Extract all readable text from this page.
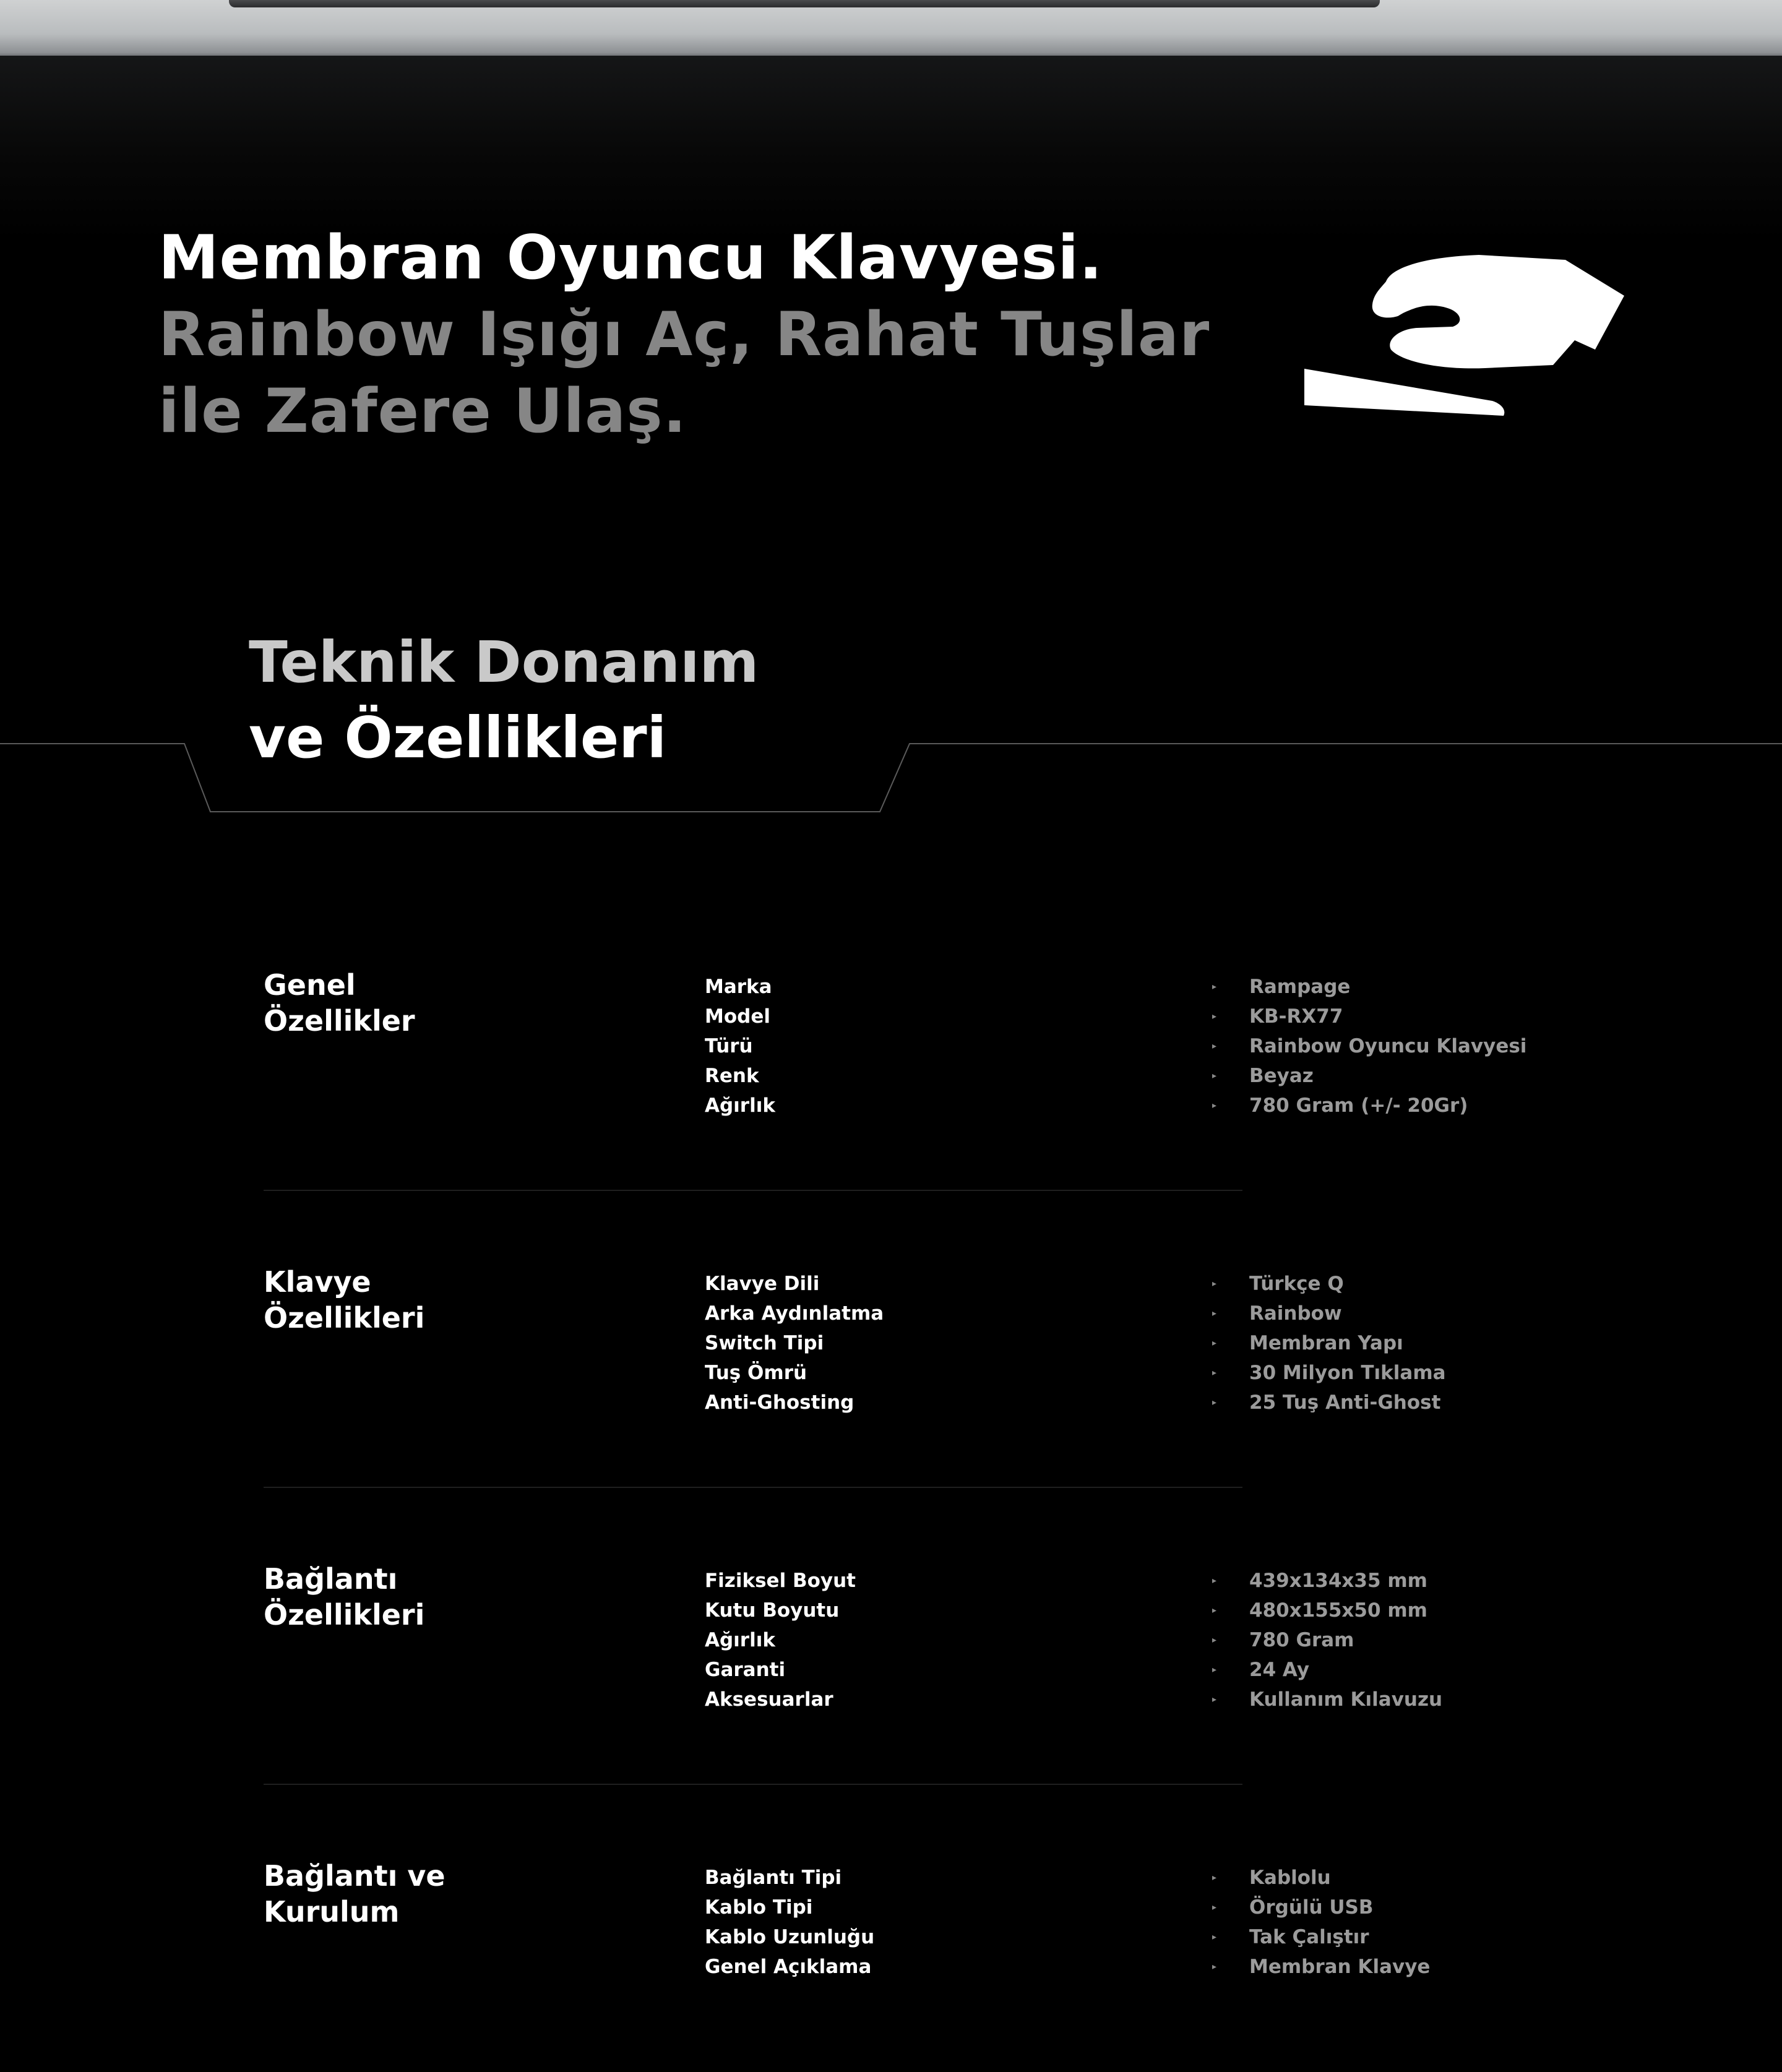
Membran Oyuncu Klavyesi.
Rainbow Işığı Aç, Rahat Tuşlar
ile Zafere Ulaş.
Teknik Donanım
ve Özellikleri
Genel
Özellikler
Marka	▸ Rampage
Model	▸ KB-RX77
Türü	▸ Rainbow Oyuncu Klavyesi
Renk	▸ Beyaz
Ağırlık	▸ 780 Gram (+/- 20Gr)
Klavye
Özellikleri
Klavye Dili	▸ Türkçe Q
Arka Aydınlatma	▸ Rainbow
Switch Tipi	▸ Membran Yapı
Tuş Ömrü	▸ 30 Milyon Tıklama
Anti-Ghosting	▸ 25 Tuş Anti-Ghost
Bağlantı
Özellikleri
Fiziksel Boyut	▸ 439x134x35 mm
Kutu Boyutu	▸ 480x155x50 mm
Ağırlık	▸ 780 Gram
Garanti	▸ 24 Ay
Aksesuarlar	▸ Kullanım Kılavuzu
Bağlantı ve
Kurulum
Bağlantı Tipi	▸ Kablolu
Kablo Tipi	▸ Örgülü USB
Kablo Uzunluğu	▸ Tak Çalıştır
Genel Açıklama	▸ Membran Klavye
